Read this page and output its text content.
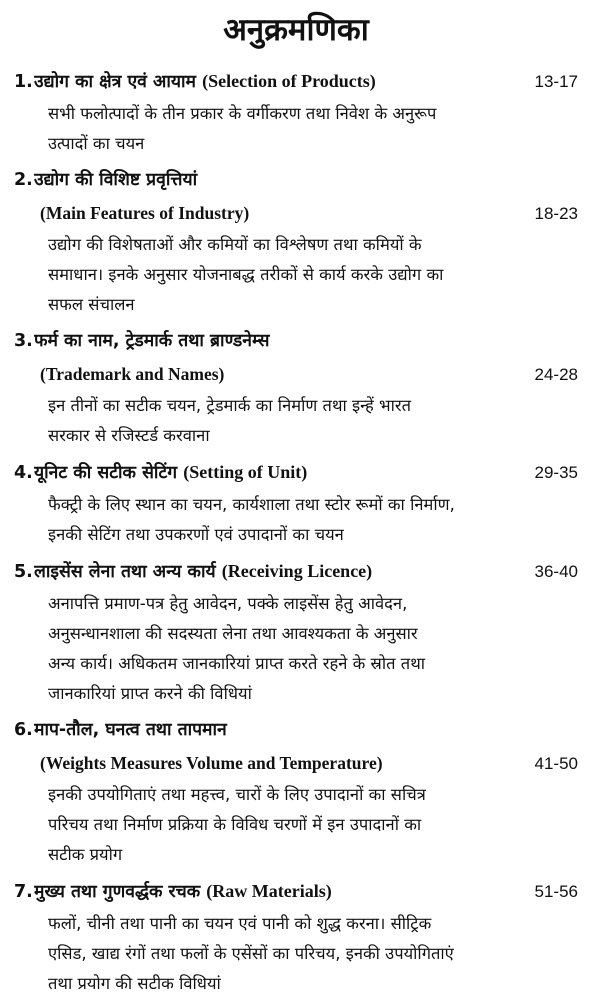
अनुक्रमणिका
1. उद्योग का क्षेत्र एवं आयाम (Selection of Products)	13-17
सभी फलोत्पादों के तीन प्रकार के वर्गीकरण तथा निवेश के अनुरूप
उत्पादों का चयन
2. उद्योग की विशिष्ट प्रवृत्तियां
(Main Features of Industry)	18-23
उद्योग की विशेषताओं और कमियों का विश्लेषण तथा कमियों के
समाधान। इनके अनुसार योजनाबद्ध तरीकों से कार्य करके उद्योग का
सफल संचालन
3. फर्म का नाम, ट्रेडमार्क तथा ब्राण्डनेम्स
(Trademark and Names)	24-28
इन तीनों का सटीक चयन, ट्रेडमार्क का निर्माण तथा इन्हें भारत
सरकार से रजिस्टर्ड करवाना
4. यूनिट की सटीक सेटिंग (Setting of Unit)	29-35
फैक्ट्री के लिए स्थान का चयन, कार्यशाला तथा स्टोर रूमों का निर्माण,
इनकी सेटिंग तथा उपकरणों एवं उपादानों का चयन
5. लाइसेंस लेना तथा अन्य कार्य (Receiving Licence)	36-40
अनापत्ति प्रमाण-पत्र हेतु आवेदन, पक्के लाइसेंस हेतु आवेदन,
अनुसन्धानशाला की सदस्यता लेना तथा आवश्यकता के अनुसार
अन्य कार्य। अधिकतम जानकारियां प्राप्त करते रहने के स्रोत तथा
जानकारियां प्राप्त करने की विधियां
6. माप-तौल, घनत्व तथा तापमान
(Weights Measures Volume and Temperature)	41-50
इनकी उपयोगिताएं तथा महत्त्व, चारों के लिए उपादानों का सचित्र
परिचय तथा निर्माण प्रक्रिया के विविध चरणों में इन उपादानों का
सटीक प्रयोग
7. मुख्य तथा गुणवर्द्धक रचक (Raw Materials)	51-56
फलों, चीनी तथा पानी का चयन एवं पानी को शुद्ध करना। सीट्रिक
एसिड, खाद्य रंगों तथा फलों के एसेंसों का परिचय, इनकी उपयोगिताएं
तथा प्रयोग की सटीक विधियां
